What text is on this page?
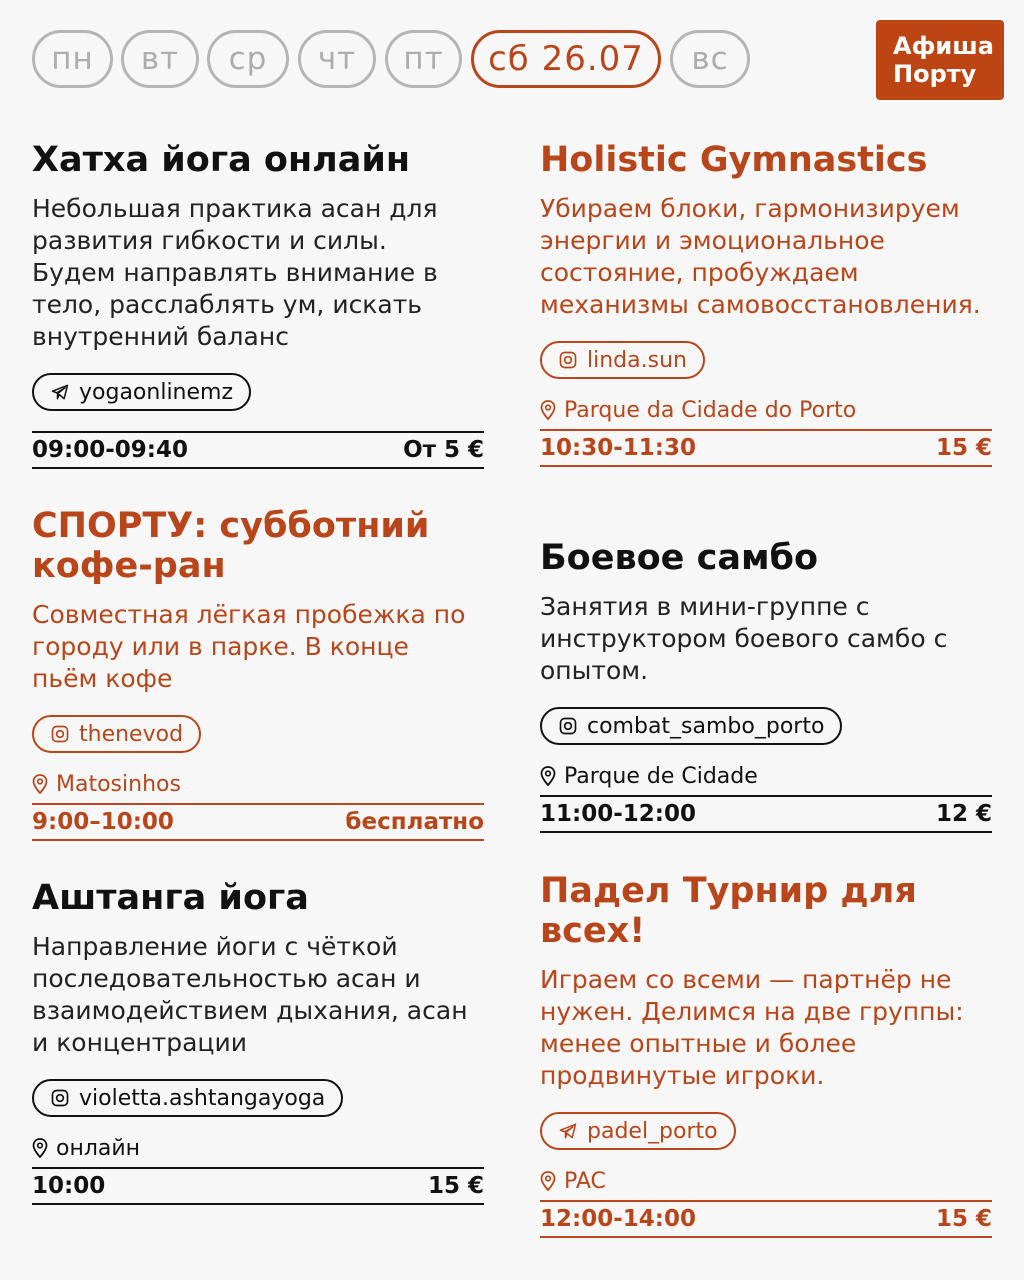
пн	вт	ср	чт	пт	сб 26.07	вс	Афиша
Порту
Хатха йога онлайн
Небольшая практика асан для развития гибкости и силы. Будем направлять внимание в тело, расслаблять ум, искать внутренний баланс
yogaonlinemz
09:00-09:40	От 5 €
Holistic Gymnastics
Убираем блоки, гармонизируем энергии и эмоциональное состояние, пробуждаем механизмы самовосстановления.
linda.sun
Parque da Cidade do Porto
10:30-11:30	15 €
СПОРТУ: субботний кофе-ран
Совместная лёгкая пробежка по городу или в парке. В конце пьём кофе
thenevod
Matosinhos
9:00–10:00	бесплатно
Боевое самбо
Занятия в мини-группе с инструктором боевого самбо с опытом.
combat_sambo_porto
Parque de Cidade
11:00-12:00	12 €
Аштанга йога
Направление йоги с чёткой последовательностью асан и взаимодействием дыхания, асан и концентрации
violetta.ashtangayoga
онлайн
10:00	15 €
Падел Турнир для всех!
Играем со всеми — партнёр не нужен. Делимся на две группы: менее опытные и более продвинутые игроки.
padel_porto
PAC
12:00-14:00	15 €
